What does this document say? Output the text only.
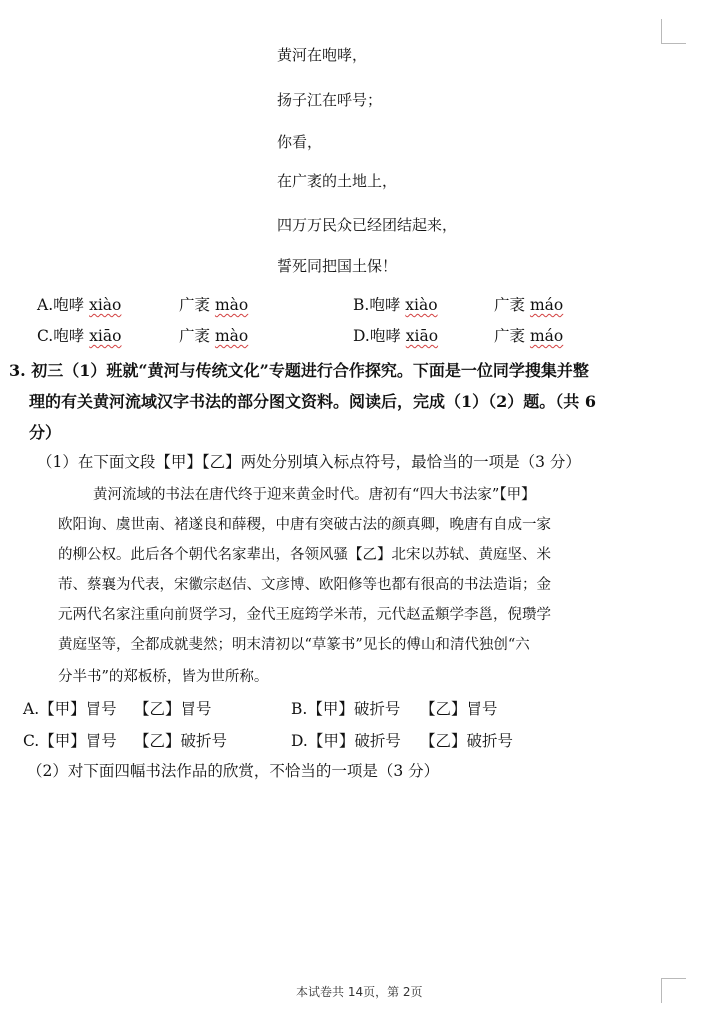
黄河在咆哮，
扬子江在呼号；
你看，
在广袤的土地上，
四万万民众已经团结起来，
誓死同把国土保！
A.咆哮 xiào	广袤 mào	B.咆哮 xiào	广袤 máo
C.咆哮 xiāo	广袤 mào	D.咆哮 xiāo	广袤 máo
3. 初三（1）班就“黄河与传统文化”专题进行合作探究。下面是一位同学搜集并整
理的有关黄河流域汉字书法的部分图文资料。阅读后，完成（1）（2）题。（共 6
分）
（1）在下面文段【甲】【乙】两处分别填入标点符号，最恰当的一项是（3 分）
黄河流域的书法在唐代终于迎来黄金时代。唐初有“四大书法家”【甲】
欧阳询、虞世南、褚遂良和薛稷，中唐有突破古法的颜真卿，晚唐有自成一家
的柳公权。此后各个朝代名家辈出，各领风骚【乙】北宋以苏轼、黄庭坚、米
芾、蔡襄为代表，宋徽宗赵佶、文彦博、欧阳修等也都有很高的书法造诣；金
元两代名家注重向前贤学习，金代王庭筠学米芾，元代赵孟頫学李邕，倪瓒学
黄庭坚等，全都成就斐然；明末清初以“草篆书”见长的傅山和清代独创“六
分半书”的郑板桥，皆为世所称。
A.【甲】冒号 【乙】冒号	B.【甲】破折号 【乙】冒号
C.【甲】冒号 【乙】破折号	D.【甲】破折号 【乙】破折号
（2）对下面四幅书法作品的欣赏，不恰当的一项是（3 分）
本试卷共 14页，第 2页
